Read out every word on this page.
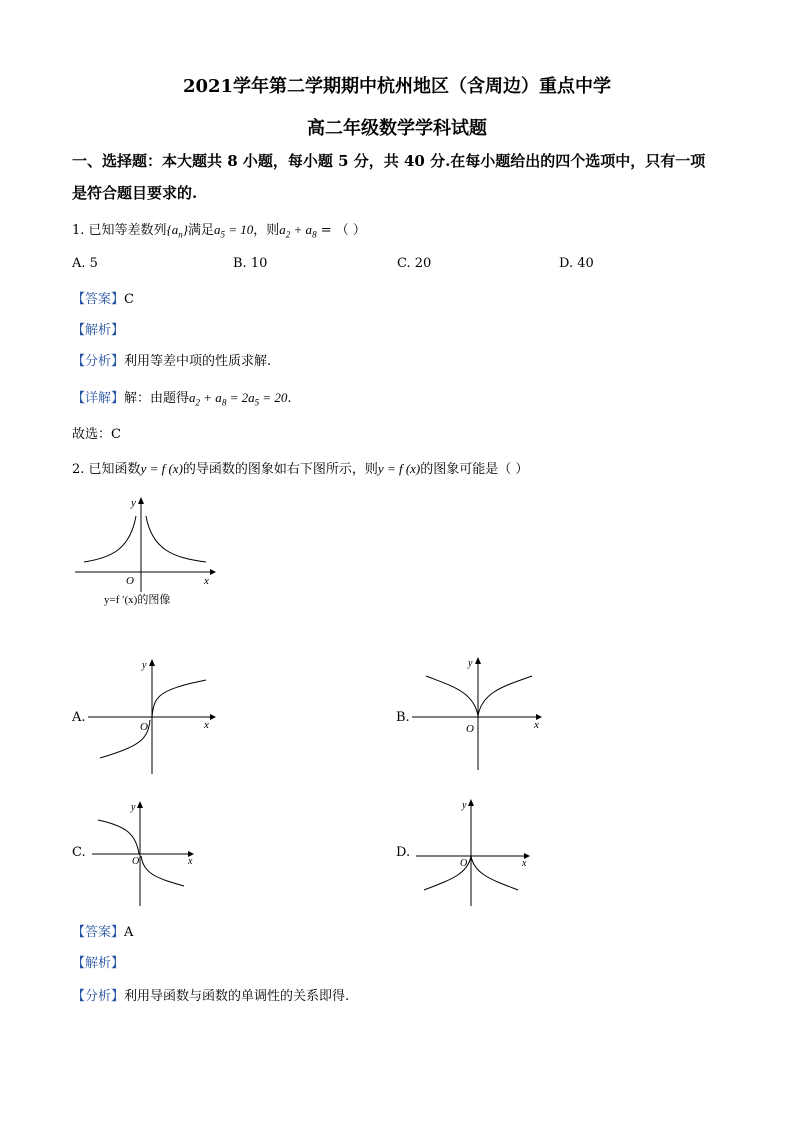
2021学年第二学期期中杭州地区（含周边）重点中学
高二年级数学学科试题
一、选择题：本大题共 8 小题，每小题 5 分，共 40 分.在每小题给出的四个选项中，只有一项
是符合题目要求的.
1. 已知等差数列$\{a_n\}$满足$a_5 = 10$，则$a_2 + a_8$ = （ ）
A. 5	B. 10	C. 20	D. 40
【答案】C
【解析】
【分析】利用等差中项的性质求解.
【详解】解：由题得$a_2 + a_8 = 2a_5 = 20$.
故选：C
2. 已知函数y = f (x)的导函数的图象如右下图所示，则y = f (x)的图象可能是（ ）
y
x
O
y=f ′(x)的图像
A.
y
x
O
B.
y
x
O
C.
y
x
O
D.
y
x
O
【答案】A
【解析】
【分析】利用导函数与函数的单调性的关系即得.
